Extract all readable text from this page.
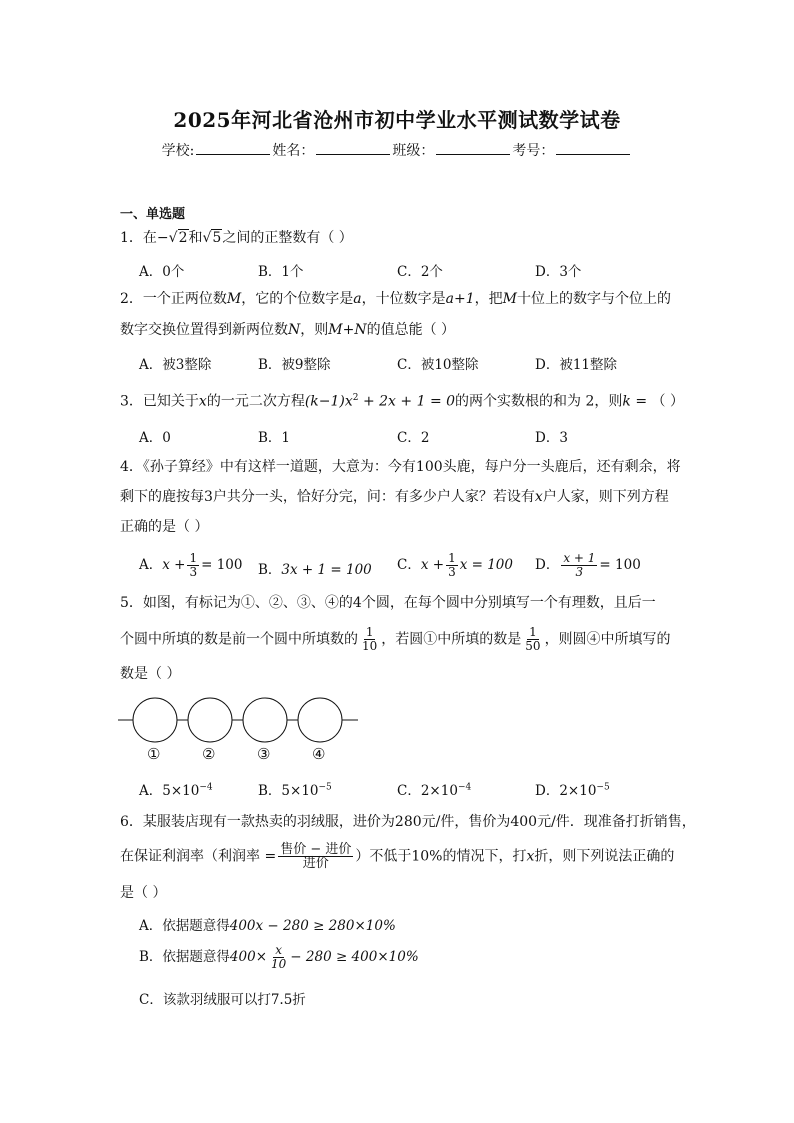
2025年河北省沧州市初中学业水平测试数学试卷
学校:	姓名：	班级：	考号：
一、单选题
1．在−√2和√5之间的正整数有（ ）
A．0个	B．1个	C．2个	D．3个
2．一个正两位数M，它的个位数字是a，十位数字是a+1，把M十位上的数字与个位上的
数字交换位置得到新两位数N，则M+N的值总能（ ）
A．被3整除	B．被9整除	C．被10整除	D．被11整除
3．已知关于x的一元二次方程$(k-1)x^2 + 2x + 1 = 0$的两个实数根的和为 2，则k = （ ）
A．0	B．1	C．2	D．3
4．《孙子算经》中有这样一道题，大意为：今有100头鹿，每户分一头鹿后，还有剩余，将
剩下的鹿按每3户共分一头，恰好分完，问：有多少户人家？若设有x户人家，则下列方程
正确的是（ ）
A．$x + \frac{1}{3} = 100$ B．3x + 1 = 100 C．$x + \frac{1}{3}$ x = 100 D． $\frac{x + 1}{3} = 100$
5．如图，有标记为①、②、③、④的4个圆，在每个圆中分别填写一个有理数，且后一
个圆中所填的数是前一个圆中所填数的 $\frac{1}{10}$ ，若圆①中所填的数是 $\frac{1}{50}$ ，则圆④中所填写的
数是（ ）
①	②	③	④
A．$5\times 10^{-4}$	B．$5\times 10^{-5}$	C．$2\times 10^{-4}$	D．$2\times 10^{-5}$
6．某服装店现有一款热卖的羽绒服，进价为280元/件，售价为400元/件．现准备打折销售，
在保证利润率（利润率 = $\frac{\text{售价 − 进价}}{\text{进价}}$ ）不低于10%的情况下，打x折，则下列说法正确的
是（ ）
A．依据题意得400x − 280 ≥ 280×10%
B．依据题意得$400\times \frac{x}{10} - 280 \ge 400\times 10\%$
C．该款羽绒服可以打7.5折
